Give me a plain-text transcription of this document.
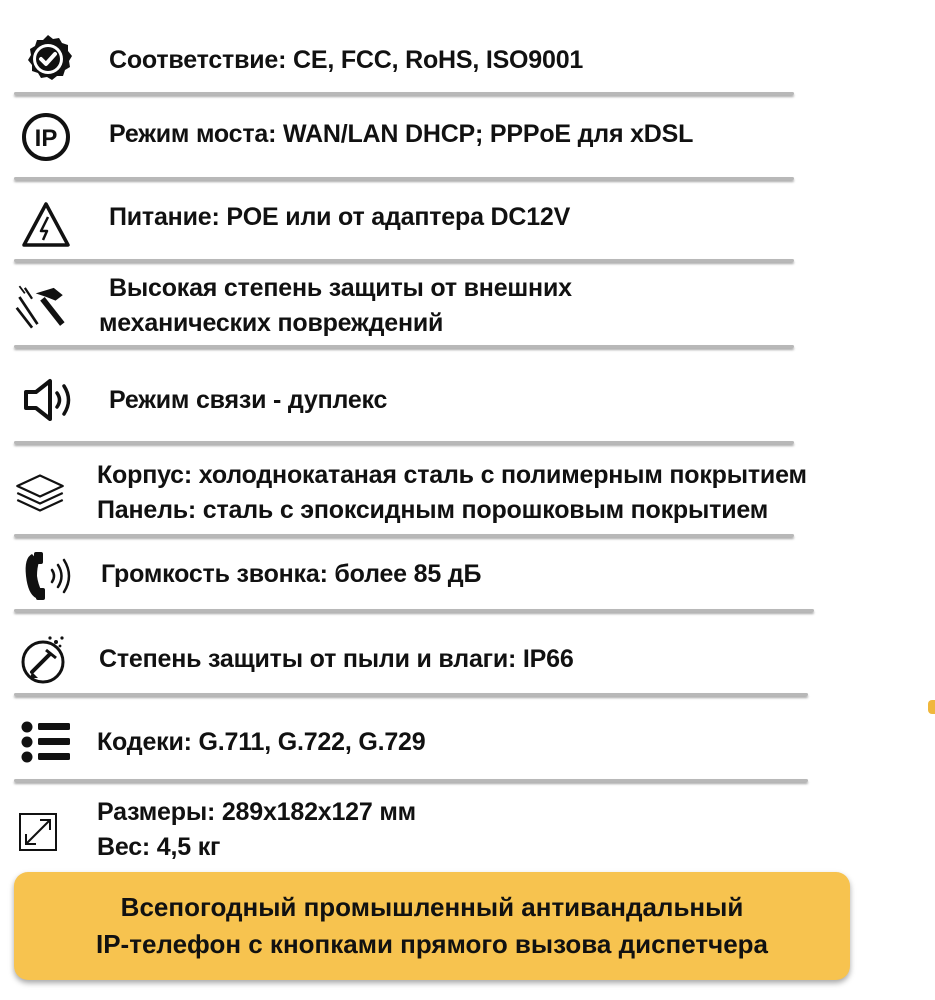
Соответствие: CE, FCC, RoHS, ISO9001
IP Режим моста: WAN/LAN DHCP; PPPoE для xDSL
Питание: POE или от адаптера DC12V
Высокая степень защиты от внешних
механических повреждений
Режим связи - дуплекс
Корпус: холоднокатаная сталь с полимерным покрытием
Панель: сталь с эпоксидным порошковым покрытием
Громкость звонка: более 85 дБ
Степень защиты от пыли и влаги: IP66
Кодеки: G.711, G.722, G.729
Размеры: 289x182x127 мм
Вес: 4,5 кг
Всепогодный промышленный антивандальный
IP-телефон с кнопками прямого вызова диспетчера
